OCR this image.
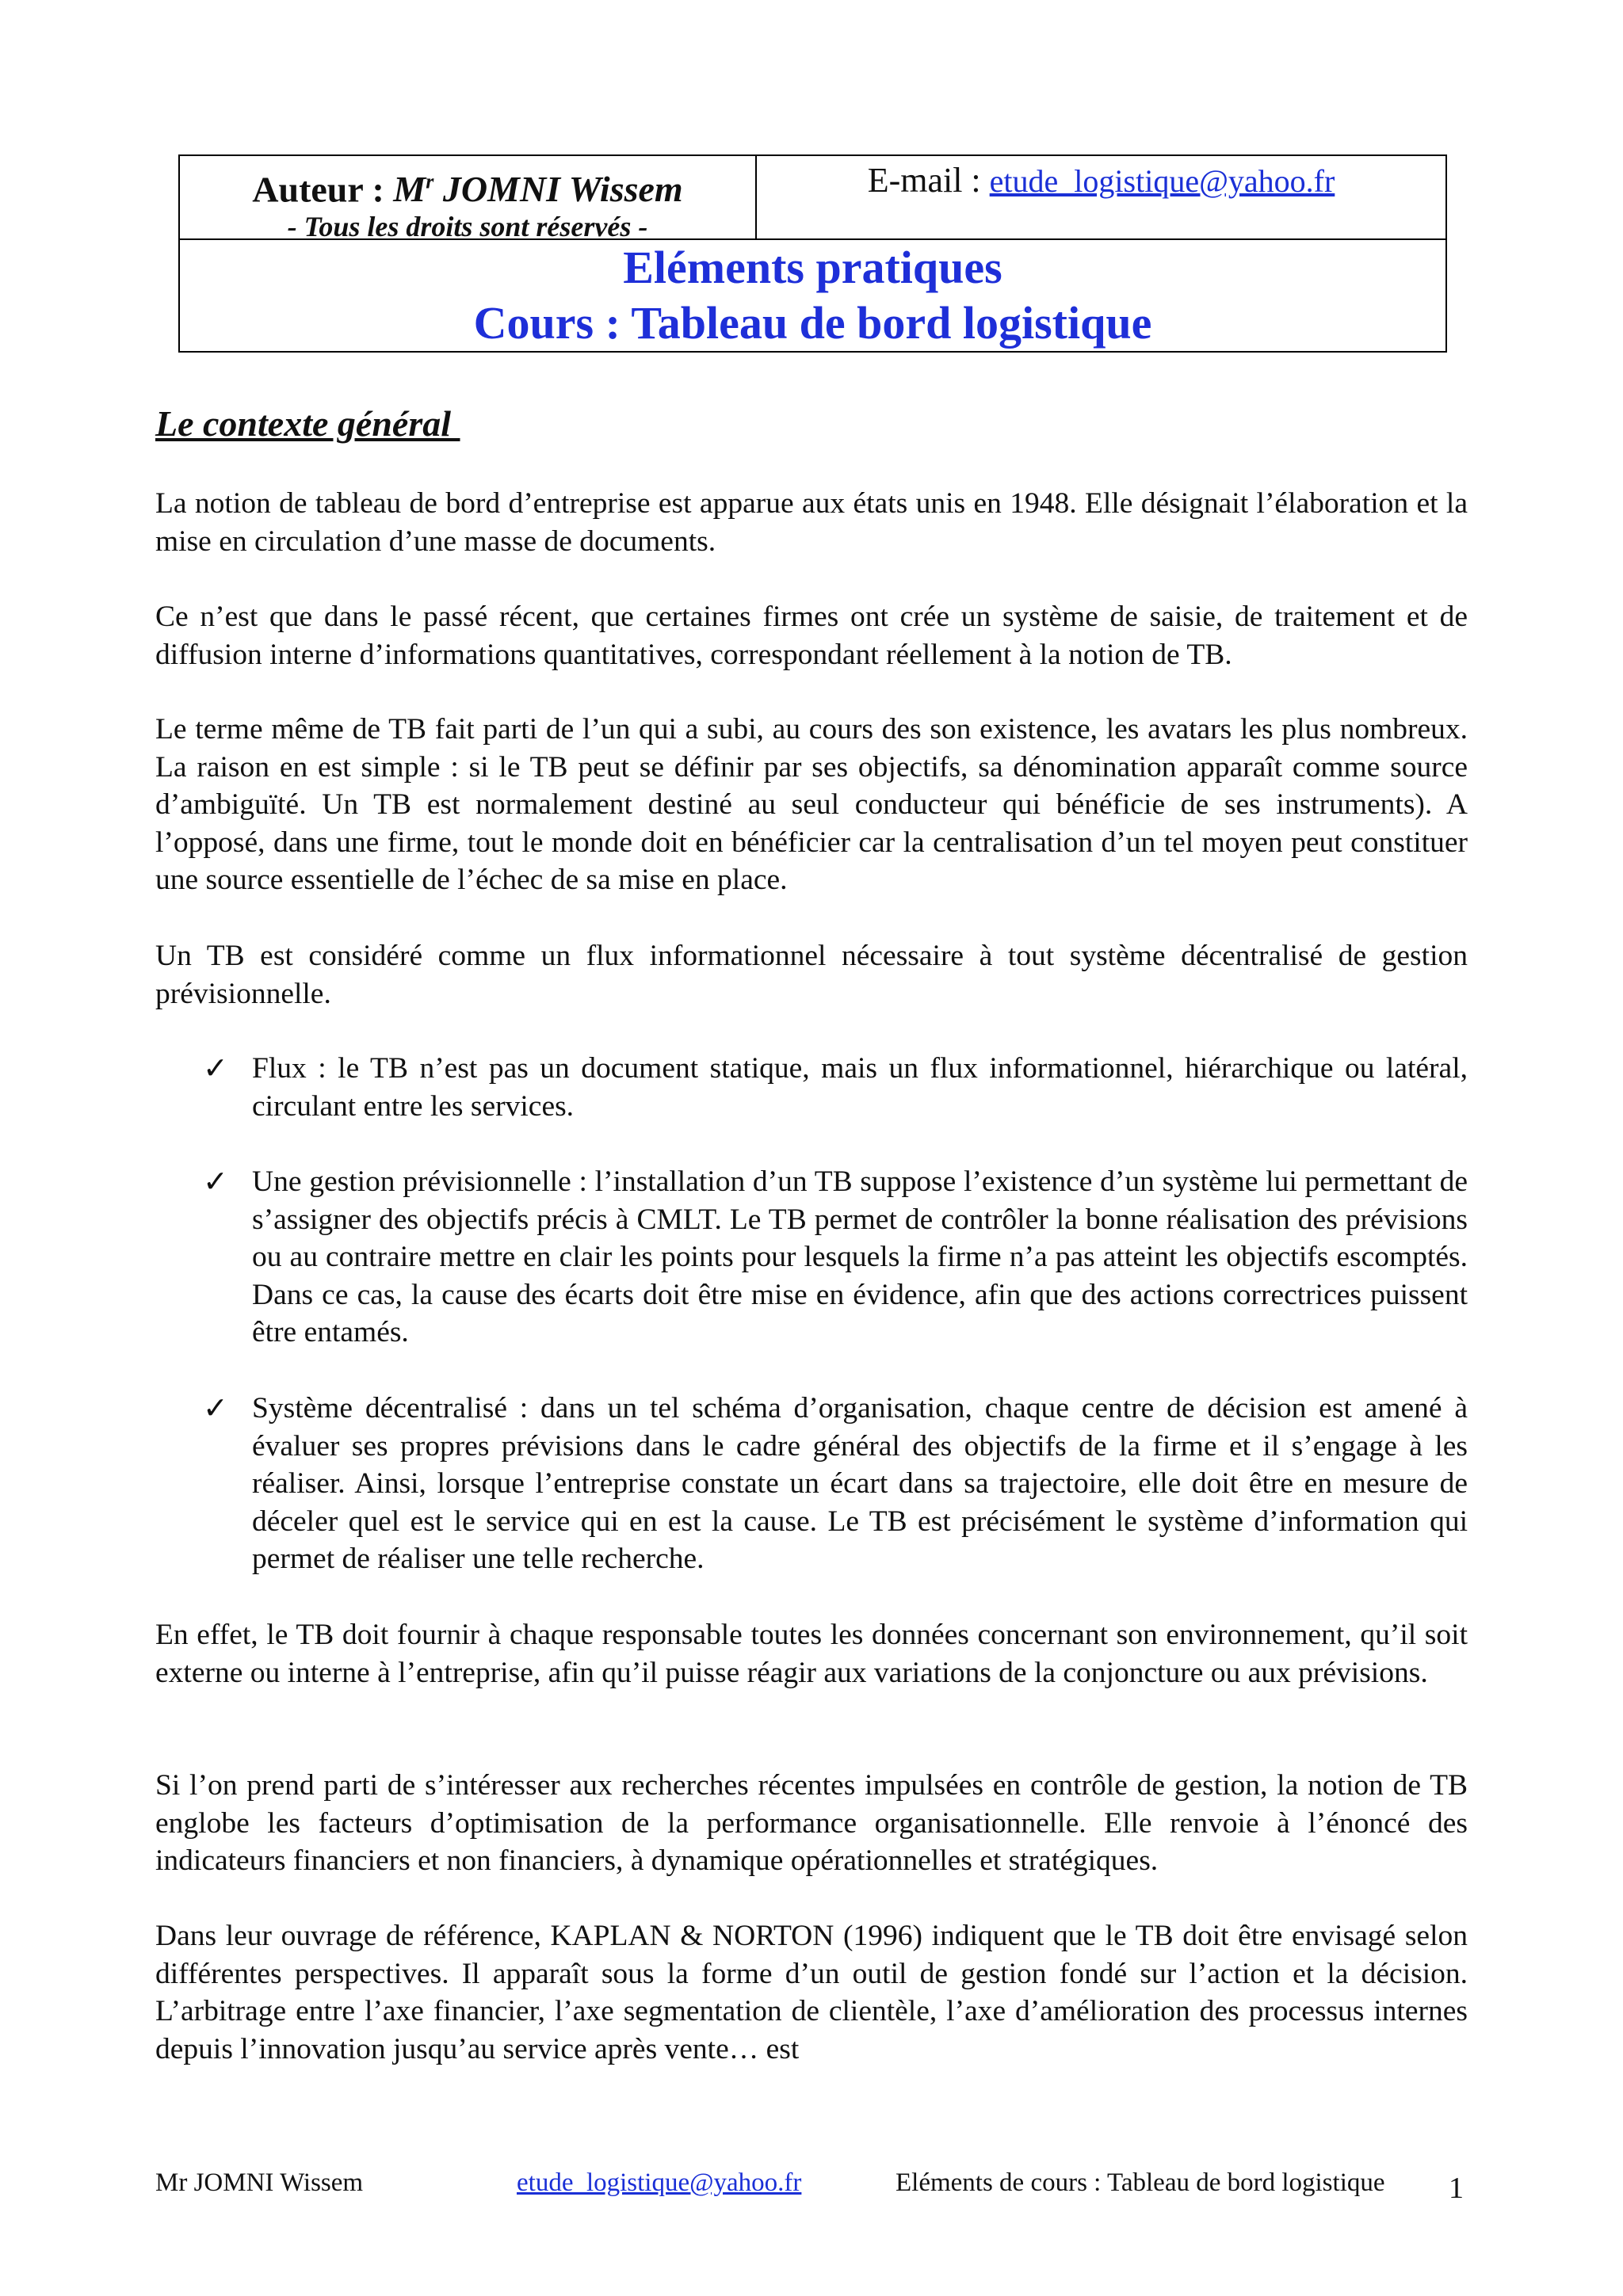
Auteur : $M^r$ JOMNI Wissem
- Tous les droits sont réservés -
E-mail : etude_logistique@yahoo.fr
Eléments pratiques
Cours : Tableau de bord logistique
Le contexte général

La notion de tableau de bord d’entreprise est apparue aux états unis en 1948. Elle désignait l’élaboration et la mise en circulation d’une masse de documents.

Ce n’est que dans le passé récent, que certaines firmes ont crée un système de saisie, de traitement et de diffusion interne d’informations quantitatives, correspondant réellement à la notion de TB.

Le terme même de TB fait parti de l’un qui a subi, au cours des son existence, les avatars les plus nombreux. La raison en est simple : si le TB peut se définir par ses objectifs, sa dénomination apparaît comme source d’ambiguïté. Un TB est normalement destiné au seul conducteur qui bénéficie de ses instruments). A l’opposé, dans une firme, tout le monde doit en bénéficier car la centralisation d’un tel moyen peut constituer une source essentielle de l’échec de sa mise en place.

Un TB est considéré comme un flux informationnel nécessaire à tout système décentralisé de gestion prévisionnelle.

✓ Flux : le TB n’est pas un document statique, mais un flux informationnel, hiérarchique ou latéral, circulant entre les services.

✓ Une gestion prévisionnelle : l’installation d’un TB suppose l’existence d’un système lui permettant de s’assigner des objectifs précis à CMLT. Le TB permet de contrôler la bonne réalisation des prévisions ou au contraire mettre en clair les points pour lesquels la firme n’a pas atteint les objectifs escomptés. Dans ce cas, la cause des écarts doit être mise en évidence, afin que des actions correctrices puissent être entamés.

✓ Système décentralisé : dans un tel schéma d’organisation, chaque centre de décision est amené à évaluer ses propres prévisions dans le cadre général des objectifs de la firme et il s’engage à les réaliser. Ainsi, lorsque l’entreprise constate un écart dans sa trajectoire, elle doit être en mesure de déceler quel est le service qui en est la cause. Le TB est précisément le système d’information qui permet de réaliser une telle recherche.

En effet, le TB doit fournir à chaque responsable toutes les données concernant son environnement, qu’il soit externe ou interne à l’entreprise, afin qu’il puisse réagir aux variations de la conjoncture ou aux prévisions.

Si l’on prend parti de s’intéresser aux recherches récentes impulsées en contrôle de gestion, la notion de TB englobe les facteurs d’optimisation de la performance organisationnelle. Elle renvoie à l’énoncé des indicateurs financiers et non financiers, à dynamique opérationnelles et stratégiques.

Dans leur ouvrage de référence, KAPLAN & NORTON (1996) indiquent que le TB doit être envisagé selon différentes perspectives. Il apparaît sous la forme d’un outil de gestion fondé sur l’action et la décision. L’arbitrage entre l’axe financier, l’axe segmentation de clientèle, l’axe d’amélioration des processus internes depuis l’innovation jusqu’au service après vente… est

Mr JOMNI Wissem	etude_logistique@yahoo.fr	Eléments de cours : Tableau de bord logistique 1
